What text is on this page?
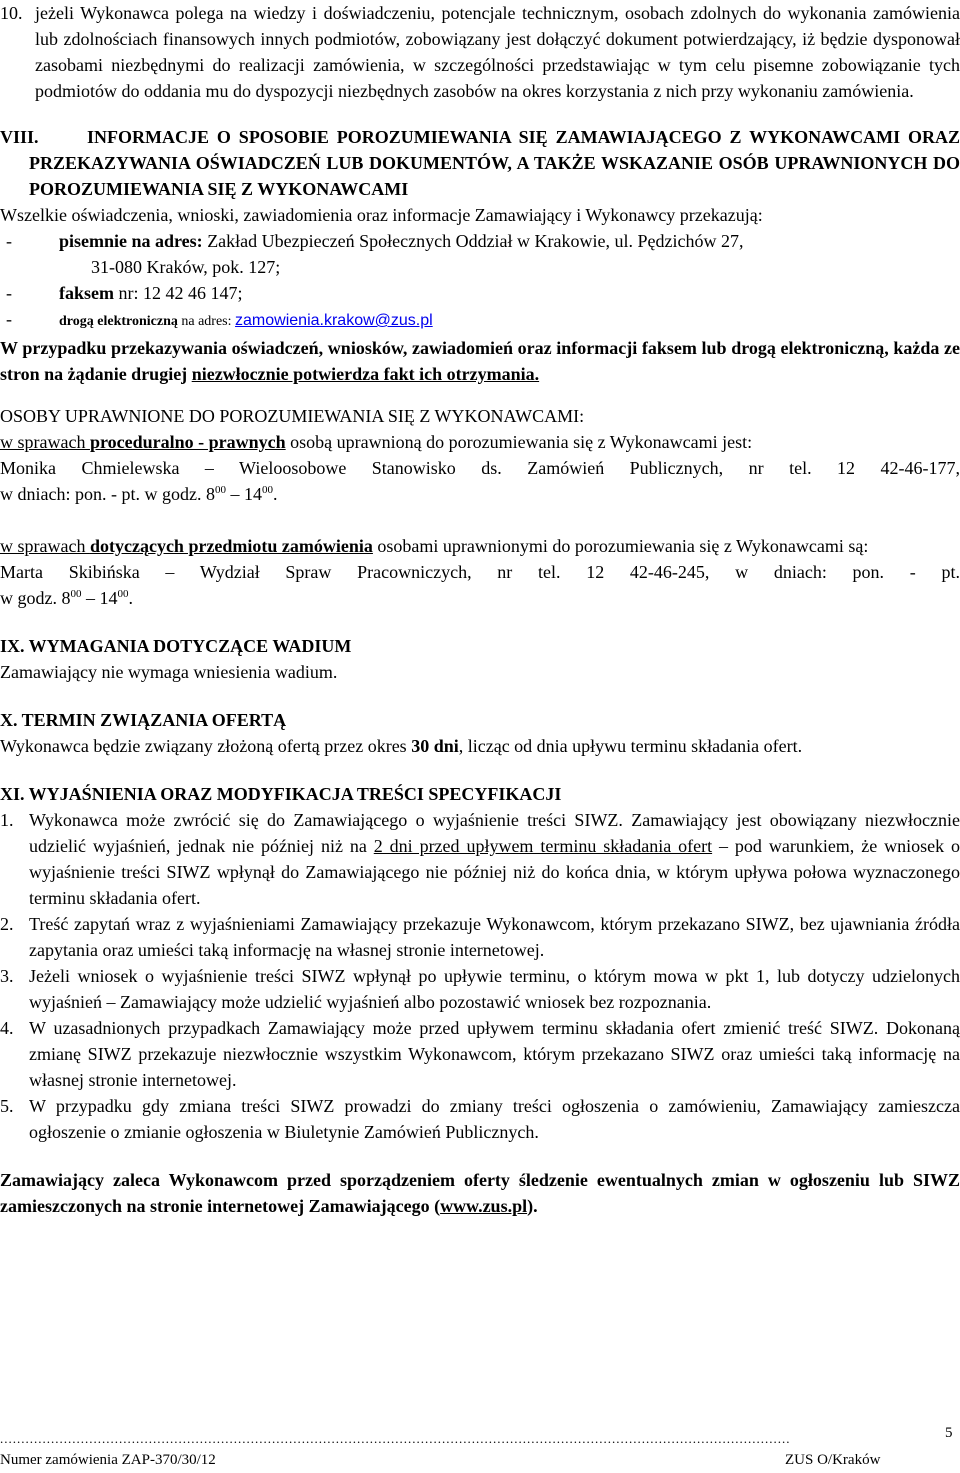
10. jeżeli Wykonawca polega na wiedzy i doświadczeniu, potencjale technicznym, osobach zdolnych do wykonania zamówienia lub zdolnościach finansowych innych podmiotów, zobowiązany jest dołączyć dokument potwierdzający, iż będzie dysponował zasobami niezbędnymi do realizacji zamówienia, w szczególności przedstawiając w tym celu pisemne zobowiązanie tych podmiotów do oddania mu do dyspozycji niezbędnych zasobów na okres korzystania z nich przy wykonaniu zamówienia.

VIII.	INFORMACJE O SPOSOBIE POROZUMIEWANIA SIĘ ZAMAWIAJĄCEGO Z WYKONAWCAMI ORAZ PRZEKAZYWANIA OŚWIADCZEŃ LUB DOKUMENTÓW, A TAKŻE WSKAZANIE OSÓB UPRAWNIONYCH DO POROZUMIEWANIA SIĘ Z WYKONAWCAMI

Wszelkie oświadczenia, wnioski, zawiadomienia oraz informacje Zamawiający i Wykonawcy przekazują:

-	pisemnie na adres: Zakład Ubezpieczeń Społecznych Oddział w Krakowie, ul. Pędzichów 27,

31-080 Kraków, pok. 127;

-	faksem nr: 12 42 46 147;

-	drogą elektroniczną na adres: zamowienia.krakow@zus.pl

W przypadku przekazywania oświadczeń, wniosków, zawiadomień oraz informacji faksem lub drogą elektroniczną, każda ze stron na żądanie drugiej niezwłocznie potwierdza fakt ich otrzymania.

OSOBY UPRAWNIONE DO POROZUMIEWANIA SIĘ Z WYKONAWCAMI:

w sprawach proceduralno - prawnych osobą uprawnioną do porozumiewania się z Wykonawcami jest:

Monika Chmielewska – Wieloosobowe Stanowisko ds. Zamówień Publicznych, nr tel. 12 42-46-177,

w dniach: pon. - pt. w godz. $8^{00} - 14^{00}$.

w sprawach dotyczących przedmiotu zamówienia osobami uprawnionymi do porozumiewania się z Wykonawcami są:

Marta Skibińska – Wydział Spraw Pracowniczych, nr tel. 12 42-46-245, w dniach: pon. - pt.

w godz. $8^{00} - 14^{00}$.

IX. WYMAGANIA DOTYCZĄCE WADIUM

Zamawiający nie wymaga wniesienia wadium.

X. TERMIN ZWIĄZANIA OFERTĄ

Wykonawca będzie związany złożoną ofertą przez okres 30 dni, licząc od dnia upływu terminu składania ofert.

XI. WYJAŚNIENIA ORAZ MODYFIKACJA TREŚCI SPECYFIKACJI

1. Wykonawca może zwrócić się do Zamawiającego o wyjaśnienie treści SIWZ. Zamawiający jest obowiązany niezwłocznie udzielić wyjaśnień, jednak nie później niż na 2 dni przed upływem terminu składania ofert – pod warunkiem, że wniosek o wyjaśnienie treści SIWZ wpłynął do Zamawiającego nie później niż do końca dnia, w którym upływa połowa wyznaczonego terminu składania ofert.

2. Treść zapytań wraz z wyjaśnieniami Zamawiający przekazuje Wykonawcom, którym przekazano SIWZ, bez ujawniania źródła zapytania oraz umieści taką informację na własnej stronie internetowej.

3. Jeżeli wniosek o wyjaśnienie treści SIWZ wpłynął po upływie terminu, o którym mowa w pkt 1, lub dotyczy udzielonych wyjaśnień – Zamawiający może udzielić wyjaśnień albo pozostawić wniosek bez rozpoznania.

4. W uzasadnionych przypadkach Zamawiający może przed upływem terminu składania ofert zmienić treść SIWZ. Dokonaną zmianę SIWZ przekazuje niezwłocznie wszystkim Wykonawcom, którym przekazano SIWZ oraz umieści taką informację na własnej stronie internetowej.

5. W przypadku gdy zmiana treści SIWZ prowadzi do zmiany treści ogłoszenia o zamówieniu, Zamawiający zamieszcza ogłoszenie o zmianie ogłoszenia w Biuletynie Zamówień Publicznych.

Zamawiający zaleca Wykonawcom przed sporządzeniem oferty śledzenie ewentualnych zmian w ogłoszeniu lub SIWZ zamieszczonych na stronie internetowej Zamawiającego (www.zus.pl).

..........................................................................................................................................................................................	5
Numer zamówienia ZAP-370/30/12	ZUS O/Kraków
